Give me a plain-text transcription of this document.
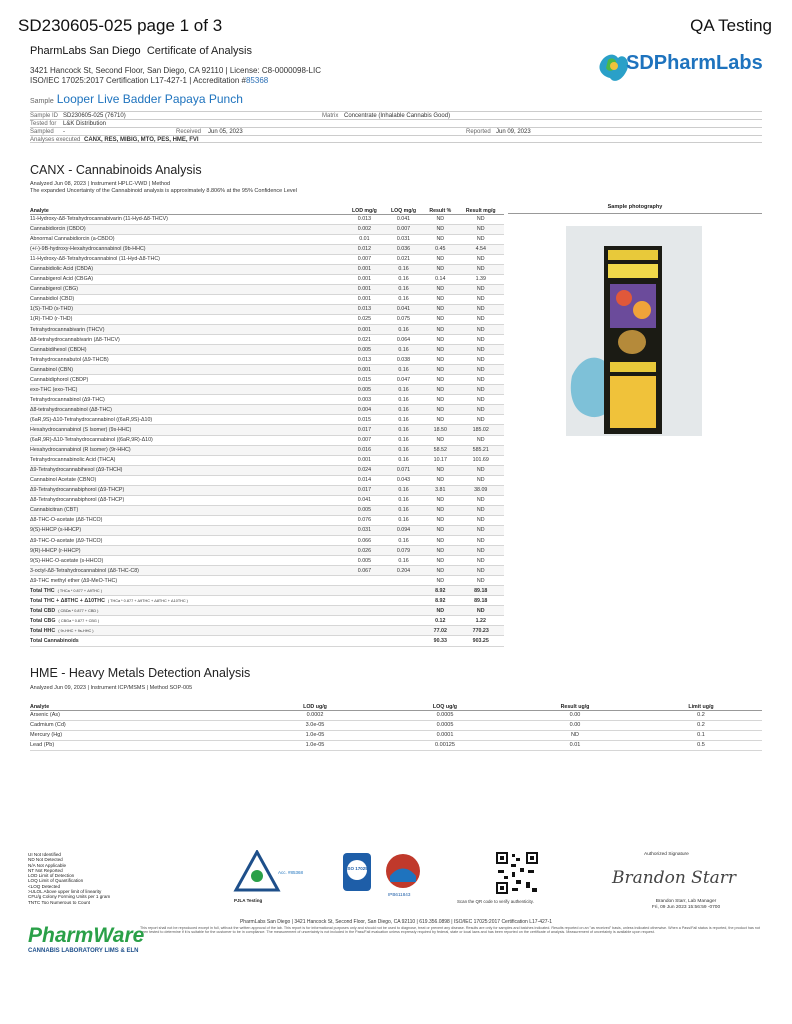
SD230605-025 page 1 of 3	QA Testing
PharmLabs San Diego Certificate of Analysis
3421 Hancock St, Second Floor, San Diego, CA 92110 | License: C8-0000098-LIC
ISO/IEC 17025:2017 Certification L17-427-1 | Accreditation #85368
SDPharmLabs
Sample Looper Live Badder Papaya Punch
Sample ID SD230605-025 (76710)	Matrix Concentrate (Inhalable Cannabis Good)
Tested for L&K Distribution
Sampled -	Received Jun 05, 2023	Reported Jun 09, 2023
Analyses executed CANX, RES, MIBIG, MTO, PES, HME, FVI
CANX - Cannabinoids Analysis
Analyzed Jun 08, 2023 | Instrument HPLC-VWD | Method
The expanded Uncertainty of the Cannabinoid analysis is approximately 8.806% at the 95% Confidence Level
Analyte	LOD mg/g	LOQ mg/g	Result %	Result mg/g
11-Hydroxy-Δ8-Tetrahydrocannabivarin (11-Hyd-Δ8-THCV)	0.013	0.041	ND	ND
Cannabidiorcin (CBDO)	0.002	0.007	ND	ND
Abnormal Cannabidiorcin (a-CBDO)	0.01	0.031	ND	ND
(+/-)-9B-hydroxy-Hexahydrocannabinol (9b-HHC)	0.012	0.036	0.45	4.54
11-Hydroxy-Δ8-Tetrahydrocannabinol (11-Hyd-Δ8-THC)	0.007	0.021	ND	ND
Cannabidiolic Acid (CBDA)	0.001	0.16	ND	ND
Cannabigerol Acid (CBGA)	0.001	0.16	0.14	1.39
Cannabigerol (CBG)	0.001	0.16	ND	ND
Cannabidiol (CBD)	0.001	0.16	ND	ND
1(S)-THD (s-THD)	0.013	0.041	ND	ND
1(R)-THD (r-THD)	0.025	0.075	ND	ND
Tetrahydrocannabivarin (THCV)	0.001	0.16	ND	ND
Δ8-tetrahydrocannabivarin (Δ8-THCV)	0.021	0.064	ND	ND
Cannabidihexol (CBDH)	0.005	0.16	ND	ND
Tetrahydrocannabutol (Δ9-THCB)	0.013	0.038	ND	ND
Cannabinol (CBN)	0.001	0.16	ND	ND
Cannabidiphorol (CBDP)	0.015	0.047	ND	ND
exo-THC (exo-THC)	0.005	0.16	ND	ND
Tetrahydrocannabinol (Δ9-THC)	0.003	0.16	ND	ND
Δ8-tetrahydrocannabinol (Δ8-THC)	0.004	0.16	ND	ND
(6aR,9S)-Δ10-Tetrahydrocannabinol ((6aR,9S)-Δ10)	0.015	0.16	ND	ND
Hexahydrocannabinol (S Isomer) (9s-HHC)	0.017	0.16	18.50	185.02
(6aR,9R)-Δ10-Tetrahydrocannabinol ((6aR,9R)-Δ10)	0.007	0.16	ND	ND
Hexahydrocannabinol (R Isomer) (9r-HHC)	0.016	0.16	58.52	585.21
Tetrahydrocannabinolic Acid (THCA)	0.001	0.16	10.17	101.69
Δ9-Tetrahydrocannabihexol (Δ9-THCH)	0.024	0.071	ND	ND
Cannabinol Acetate (CBNO)	0.014	0.043	ND	ND
Δ9-Tetrahydrocannabiphorol (Δ9-THCP)	0.017	0.16	3.81	38.09
Δ8-Tetrahydrocannabiphorol (Δ8-THCP)	0.041	0.16	ND	ND
Cannabicitran (CBT)	0.005	0.16	ND	ND
Δ8-THC-O-acetate (Δ8-THCO)	0.076	0.16	ND	ND
9(S)-HHCP (s-HHCP)	0.031	0.094	ND	ND
Δ9-THC-O-acetate (Δ9-THCO)	0.066	0.16	ND	ND
9(R)-HHCP (r-HHCP)	0.026	0.079	ND	ND
9(S)-HHC-O-acetate (s-HHCO)	0.005	0.16	ND	ND
3-octyl-Δ8-Tetrahydrocannabinol (Δ8-THC-C8)	0.067	0.204	ND	ND
Δ9-THC methyl ether (Δ9-MeO-THC)			ND	ND
Total THC ( THCa * 0.877 + Δ9THC )			8.92	89.18
Total THC + Δ8THC + Δ10THC ( THCa * 0.877 + Δ9THC + Δ8THC + Δ10THC )			8.92	89.18
Total CBD ( CBDa * 0.877 + CBD )			ND	ND
Total CBG ( CBGa * 0.877 + CBG )			0.12	1.22
Total HHC ( 9r-HHC + 9s-HHC )			77.02	770.23
Total Cannabinoids			90.33	903.25
Sample photography
HME - Heavy Metals Detection Analysis
Analyzed Jun 09, 2023 | Instrument ICP/MSMS | Method SOP-005
Analyte	LOD ug/g	LOQ ug/g	Result ug/g	Limit ug/g
Arsenic (As)	0.0002	0.0005	0.00	0.2
Cadmium (Cd)	3.0e-05	0.0005	0.00	0.2
Mercury (Hg)	1.0e-05	0.0001	ND	0.1
Lead (Pb)	1.0e-05	0.00125	0.01	0.5
UI Not Identified
ND Not Detected
N/A Not Applicable
NT Not Reported
LOD Limit of Detection
LOQ Limit of Quantification
<LOQ Detected
>ULOL Above upper limit of linearity
CFU/g Colony Forming Units per 1 gram
TNTC Too Numerous to Count	PJLA Testing
Acc. #85368
ISO 17025
IPB611843
Scan the QR code to verify authenticity.
Authorized Signature
Brandon Starr
Brandon Starr, Lab Manager
Fri, 09 Jun 2023 15:56:59 -0700
PharmLabs San Diego | 3421 Hancock St, Second Floor, San Diego, CA 92110 | 619.356.0898 | ISO/IEC 17025:2017 Certification L17-427-1
This report shall not be reproduced except in full, without the written approval of the lab. This report is for informational purposes only and should not be used to diagnose, treat or prevent any disease. Results are only for samples and batches indicated. Results reported on an "as received" basis, unless indicated otherwise. When a Pass/Fail status is reported, the product has not been tested to determine if it is suitable for the customer to be in compliance. The measurement of uncertainty is not included in the Pass/Fail evaluation unless expressly required by federal, state or local laws and has been reported on the certificate of analysis. Measurement of uncertainty is available upon request.
PharmWare
CANNABIS LABORATORY LIMS & ELN
